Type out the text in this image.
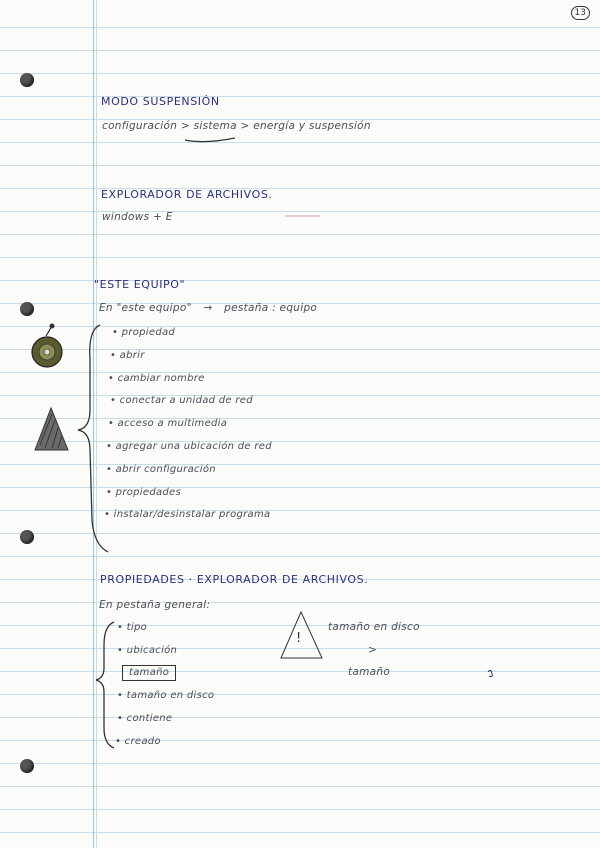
13
MODO SUSPENSIÓN
configuración > sistema > energía y suspensión
EXPLORADOR DE ARCHIVOS.
windows + E
"ESTE EQUIPO"
En "este equipo" → pestaña : equipo
• propiedad
• abrir
• cambiar nombre
• conectar a unidad de red
• acceso a multimedia
• agregar una ubicación de red
• abrir configuración
• propiedades
• instalar/desinstalar programa
PROPIEDADES · EXPLORADOR DE ARCHIVOS.
En pestaña general:
• tipo
• ubicación
tamaño
• tamaño en disco
• contiene
• creado
!
tamaño en disco
>
tamaño
